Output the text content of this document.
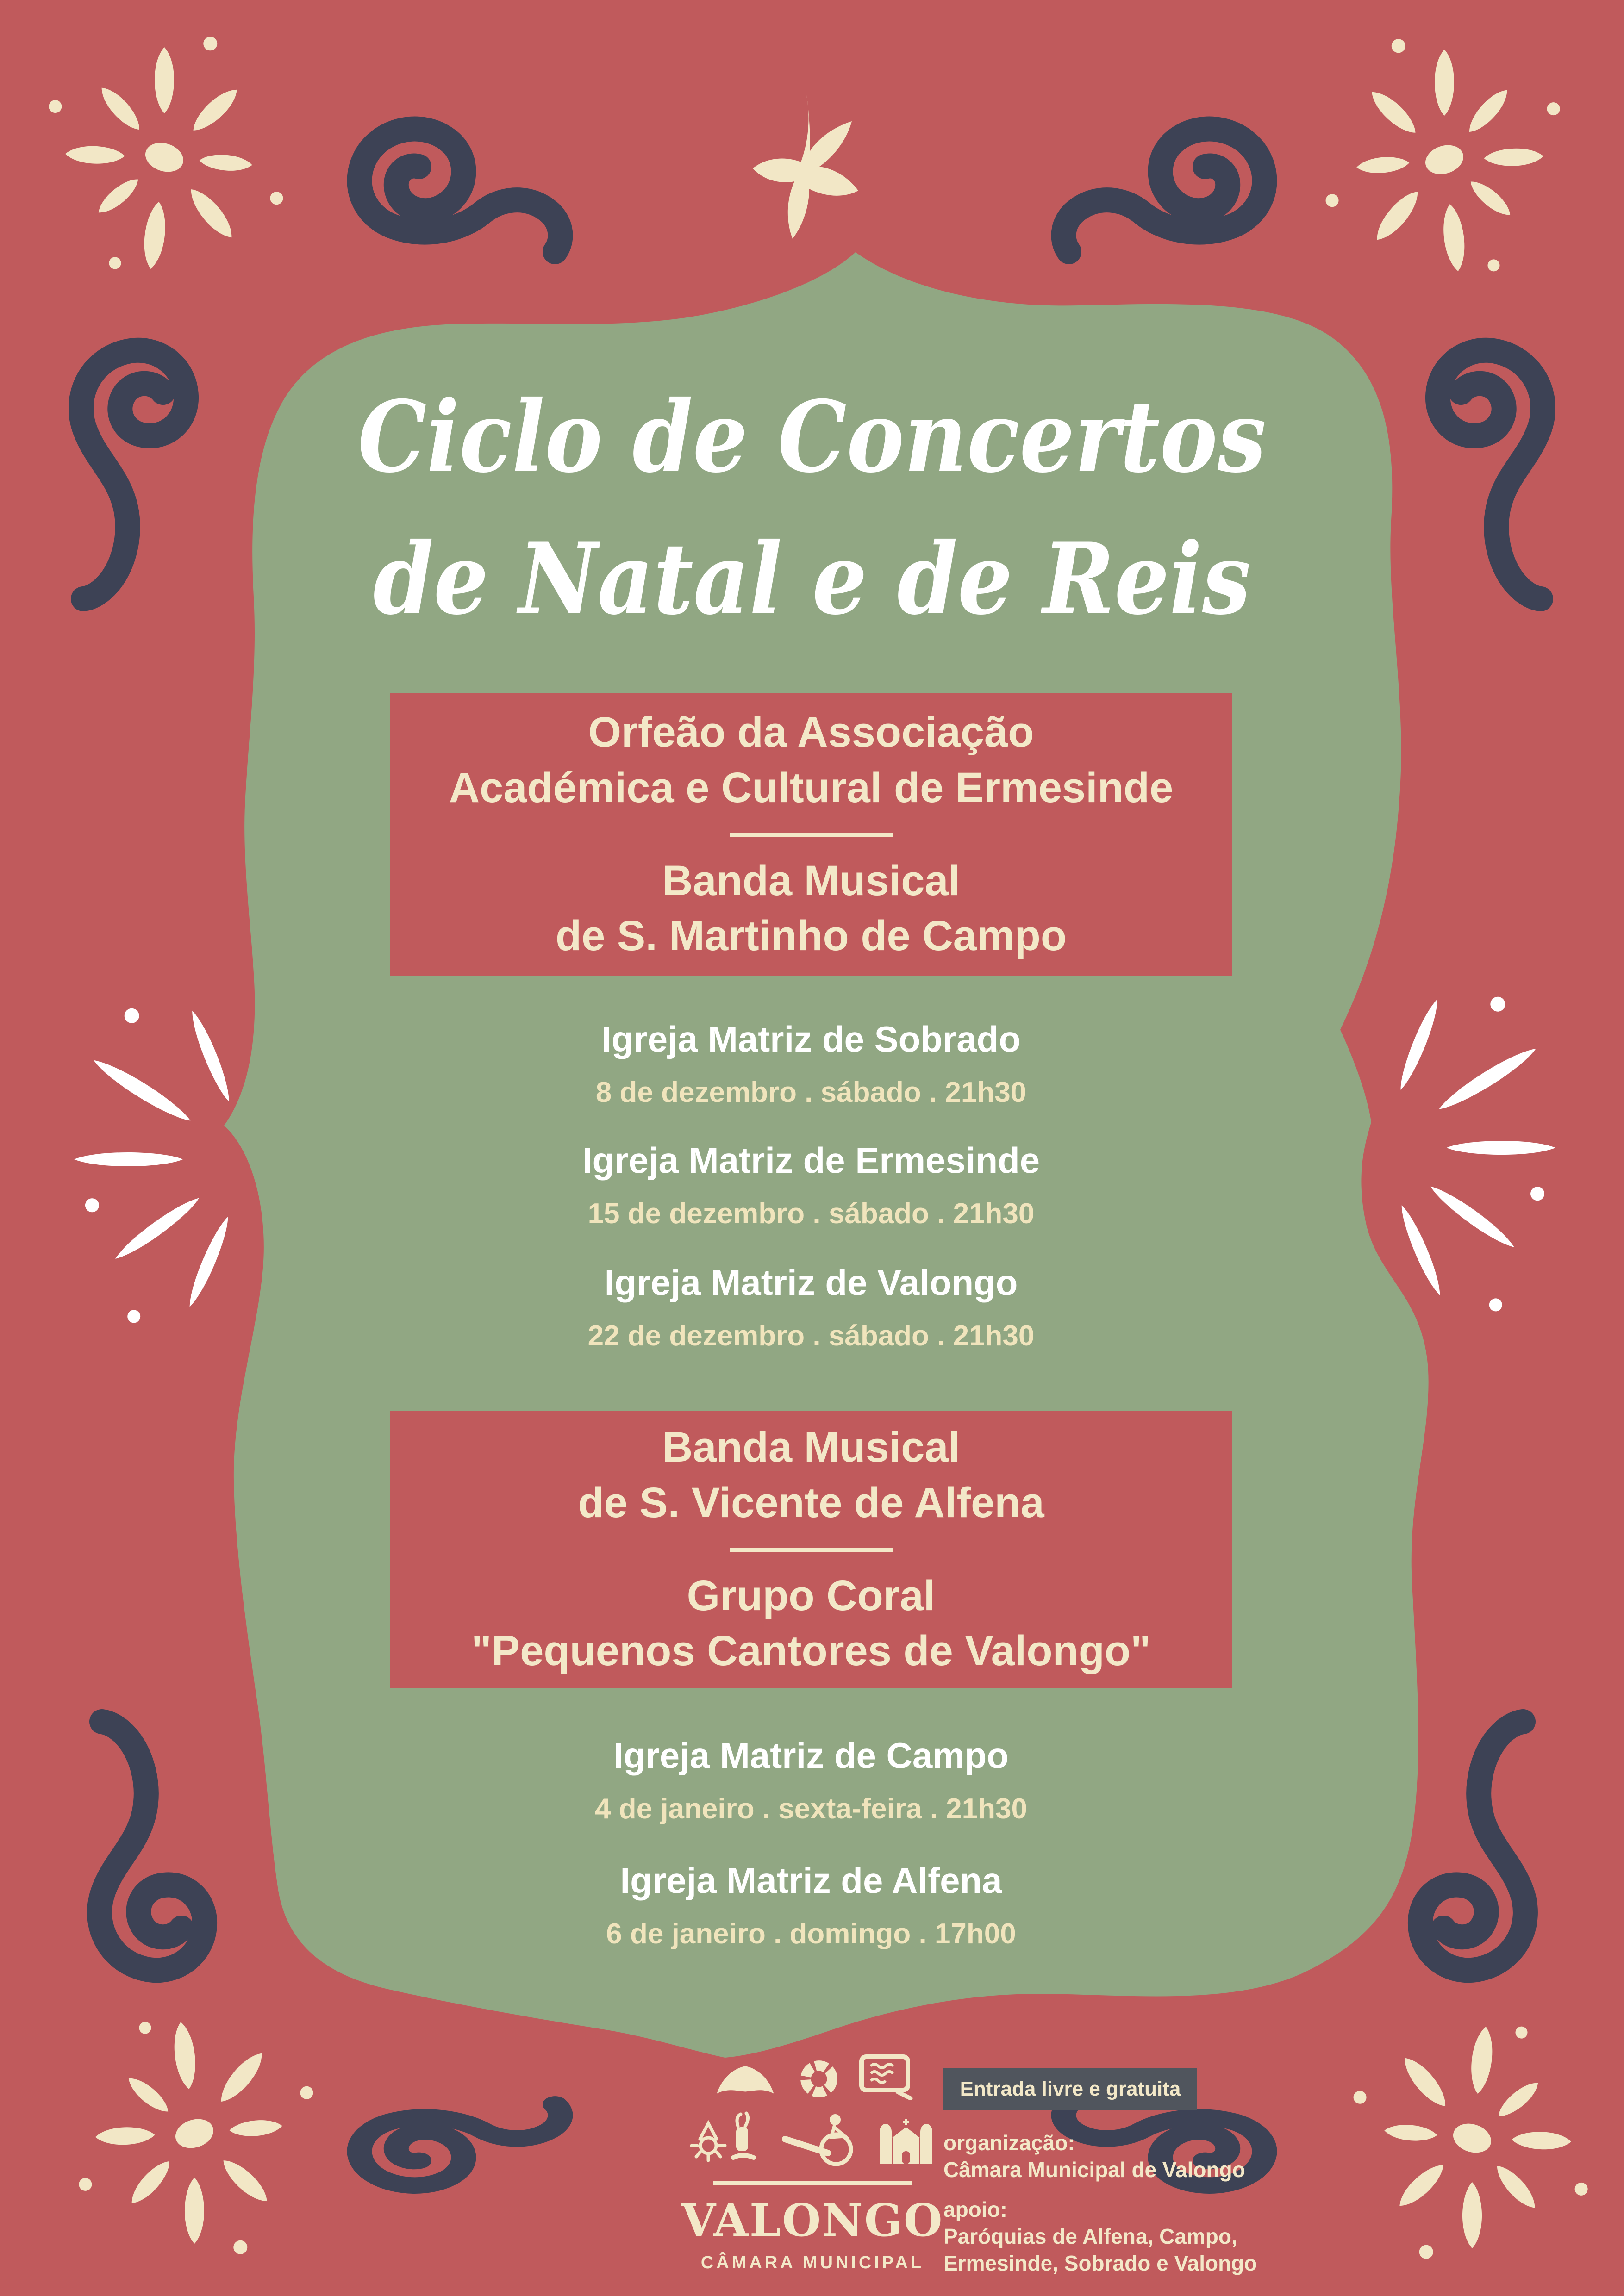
Ciclo de Concertos
de Natal e de Reis
Orfeão da Associação
Académica e Cultural de Ermesinde
Banda Musical
de S. Martinho de Campo
Igreja Matriz de Sobrado
8 de dezembro . sábado . 21h30
Igreja Matriz de Ermesinde
15 de dezembro . sábado . 21h30
Igreja Matriz de Valongo
22 de dezembro . sábado . 21h30
Banda Musical
de S. Vicente de Alfena
Grupo Coral
"Pequenos Cantores de Valongo"
Igreja Matriz de Campo
4 de janeiro . sexta-feira . 21h30
Igreja Matriz de Alfena
6 de janeiro . domingo . 17h00
VALONGO
CÂMARA MUNICIPAL
Entrada livre e gratuita
organização:
Câmara Municipal de Valongo
apoio:
Paróquias de Alfena, Campo,
Ermesinde, Sobrado e Valongo
